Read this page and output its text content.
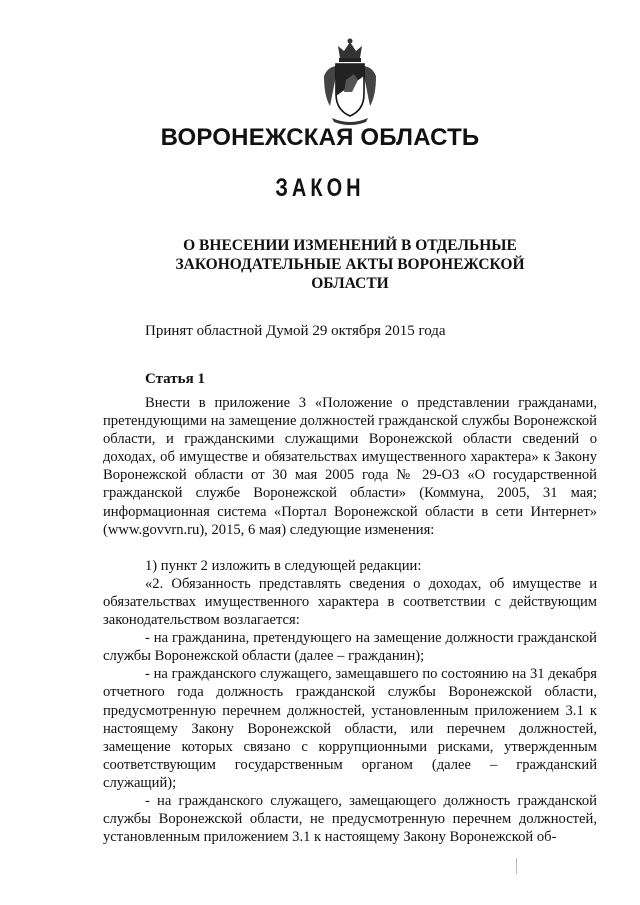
ВОРОНЕЖСКАЯ ОБЛАСТЬ
ЗАКОН
О ВНЕСЕНИИ ИЗМЕНЕНИЙ В ОТДЕЛЬНЫЕ
ЗАКОНОДАТЕЛЬНЫЕ АКТЫ ВОРОНЕЖСКОЙ
ОБЛАСТИ
Принят областной Думой 29 октября 2015 года
Статья 1

Внести в приложение 3 «Положение о представлении гражданами, претендующими на замещение должностей гражданской службы Воронежской области, и гражданскими служащими Воронежской области сведений о доходах, об имуществе и обязательствах имущественного характера» к Закону Воронежской области от 30 мая 2005 года № 29-ОЗ «О государственной гражданской службе Воронежской области» (Коммуна, 2005, 31 мая; информационная система «Портал Воронежской области в сети Интернет» (www.govvrn.ru), 2015, 6 мая) следующие изменения:

1) пункт 2 изложить в следующей редакции:

«2. Обязанность представлять сведения о доходах, об имуществе и обязательствах имущественного характера в соответствии с действующим законодательством возлагается:

- на гражданина, претендующего на замещение должности гражданской службы Воронежской области (далее – гражданин);

- на гражданского служащего, замещавшего по состоянию на 31 декабря отчетного года должность гражданской службы Воронежской области, предусмотренную перечнем должностей, установленным приложением 3.1 к настоящему Закону Воронежской области, или перечнем должностей, замещение которых связано с коррупционными рисками, утвержденным соответствующим государственным органом (далее – гражданский служащий);

- на гражданского служащего, замещающего должность гражданской службы Воронежской области, не предусмотренную перечнем должностей, установленным приложением 3.1 к настоящему Закону Воронежской об-
